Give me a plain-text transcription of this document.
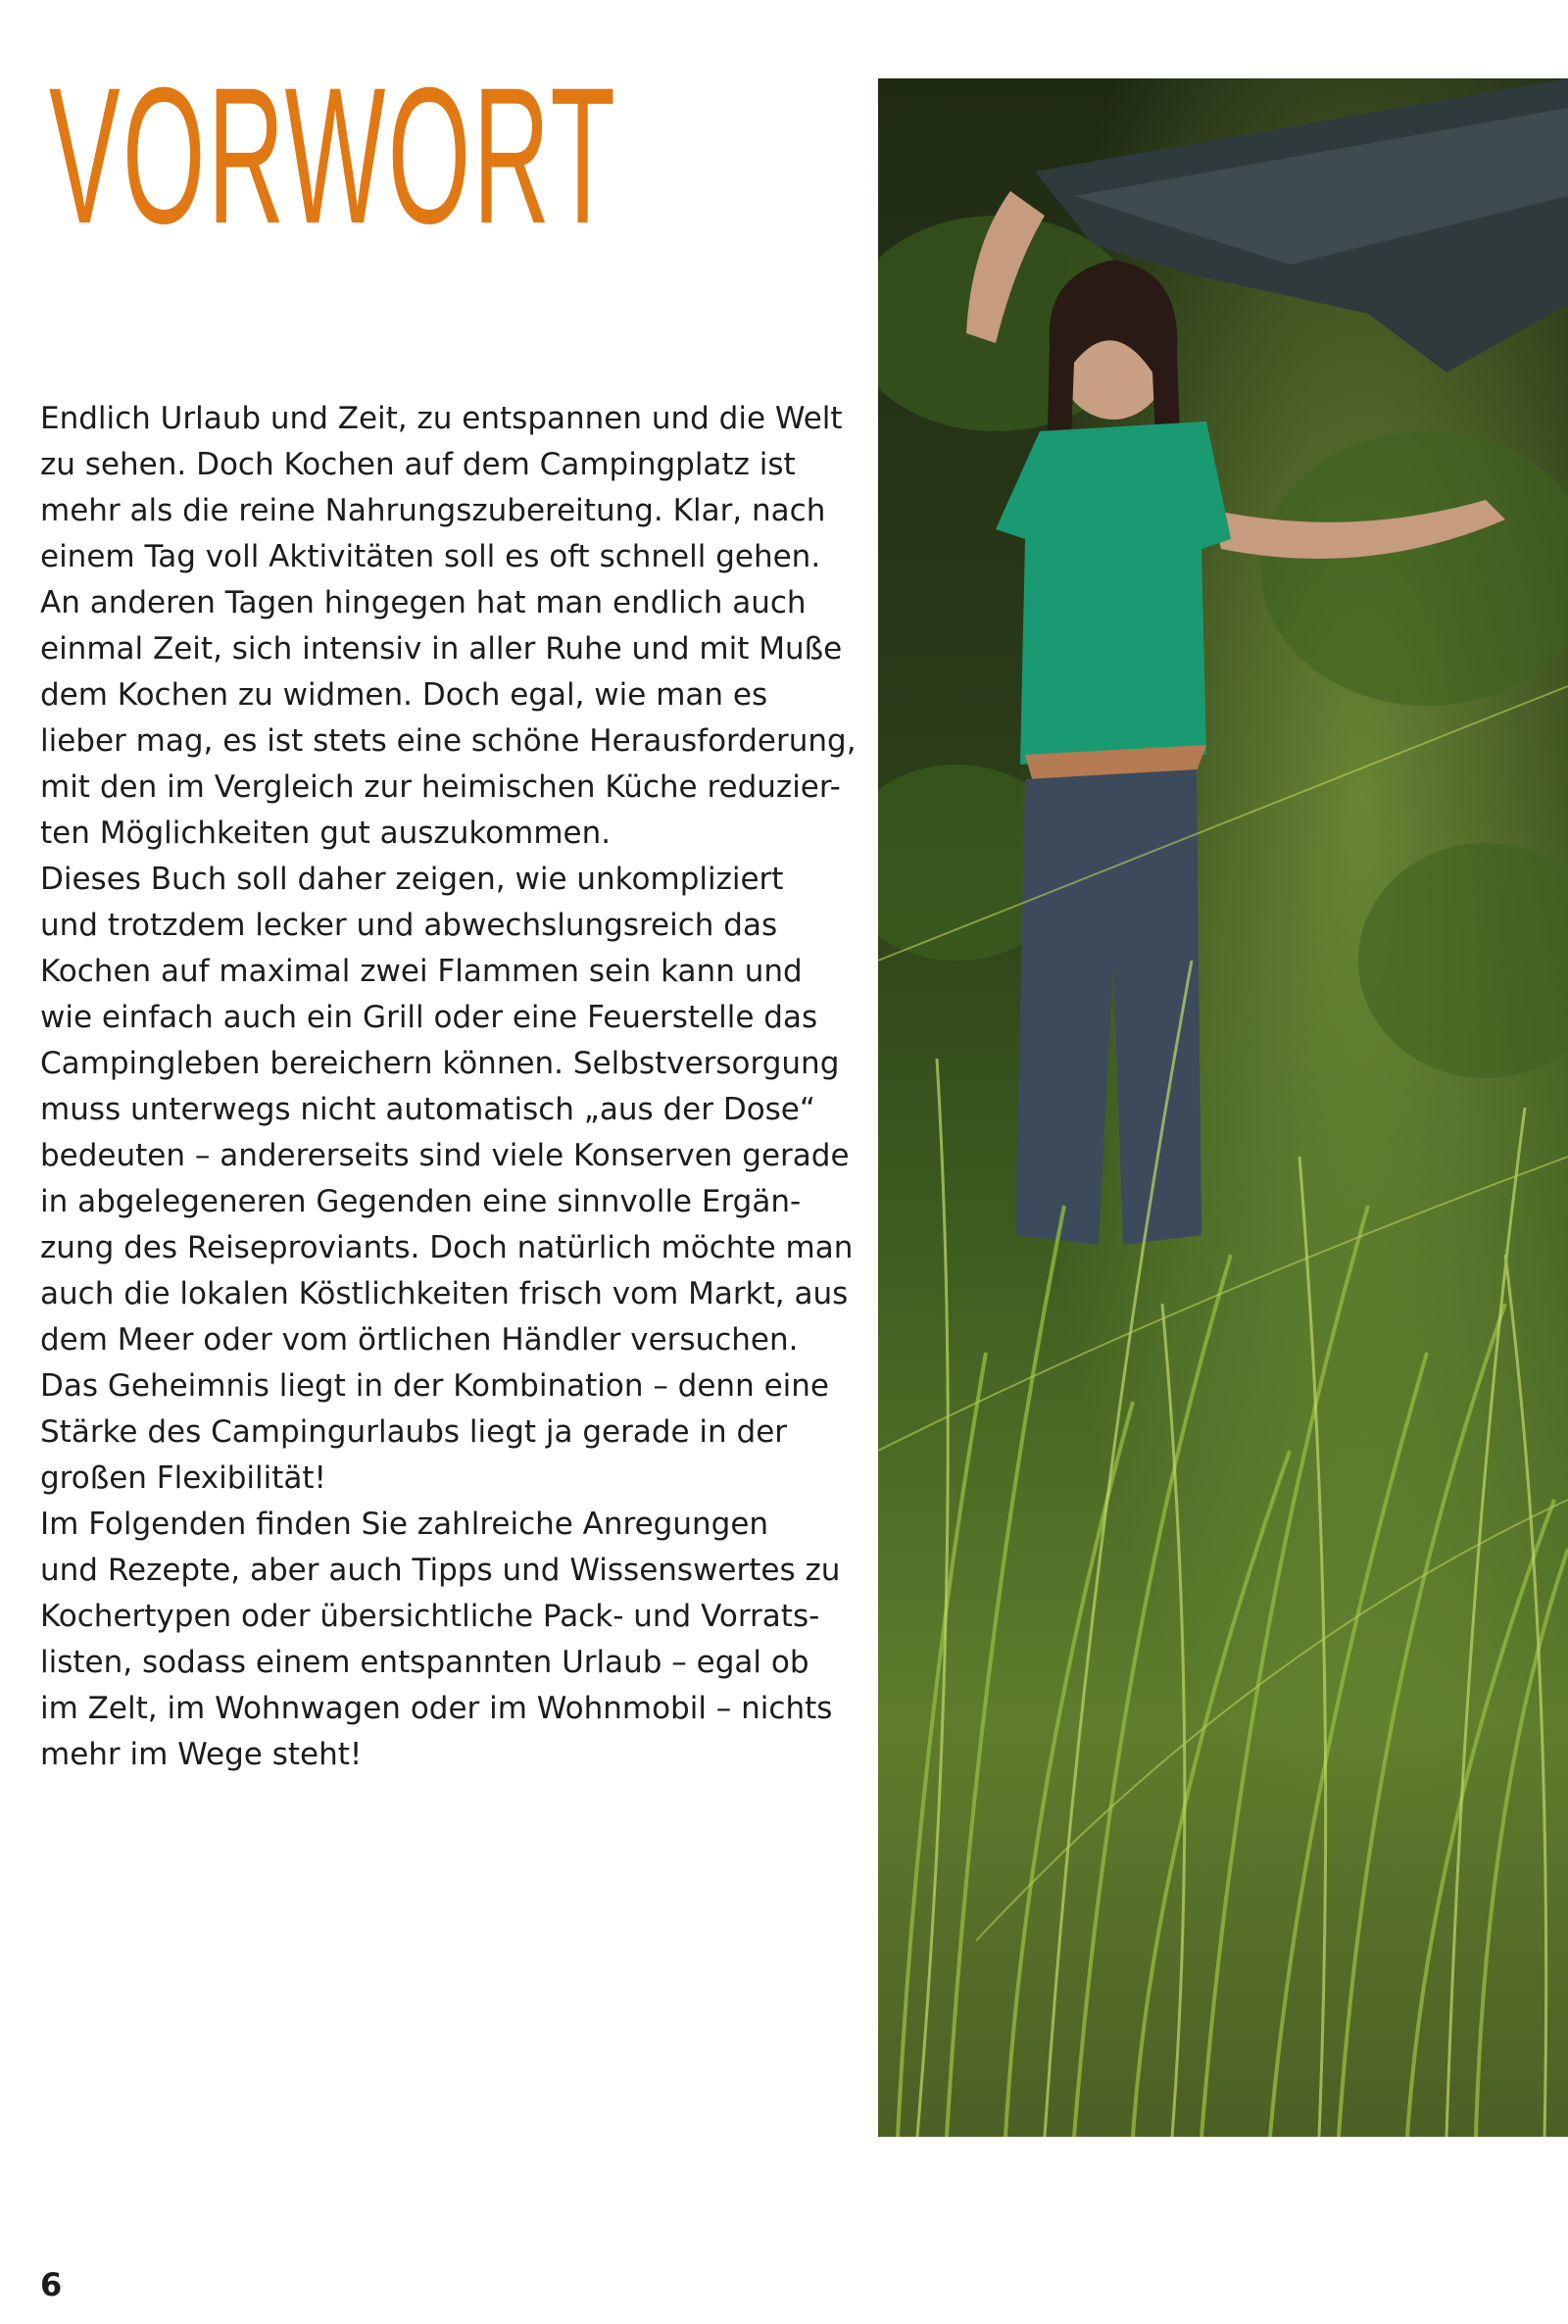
VORWORT
Endlich Urlaub und Zeit, zu entspannen und die Welt
zu sehen. Doch Kochen auf dem Campingplatz ist
mehr als die reine Nahrungszubereitung. Klar, nach
einem Tag voll Aktivitäten soll es oft schnell gehen.
An anderen Tagen hingegen hat man endlich auch
einmal Zeit, sich intensiv in aller Ruhe und mit Muße
dem Kochen zu widmen. Doch egal, wie man es
lieber mag, es ist stets eine schöne Herausforderung,
mit den im Vergleich zur heimischen Küche reduzier-
ten Möglichkeiten gut auszukommen.
Dieses Buch soll daher zeigen, wie unkompliziert
und trotzdem lecker und abwechslungsreich das
Kochen auf maximal zwei Flammen sein kann und
wie einfach auch ein Grill oder eine Feuerstelle das
Campingleben bereichern können. Selbstversorgung
muss unterwegs nicht automatisch „aus der Dose“
bedeuten – andererseits sind viele Konserven gerade
in abgelegeneren Gegenden eine sinnvolle Ergän-
zung des Reiseproviants. Doch natürlich möchte man
auch die lokalen Köstlichkeiten frisch vom Markt, aus
dem Meer oder vom örtlichen Händler versuchen.
Das Geheimnis liegt in der Kombination – denn eine
Stärke des Campingurlaubs liegt ja gerade in der
großen Flexibilität!
Im Folgenden finden Sie zahlreiche Anregungen
und Rezepte, aber auch Tipps und Wissenswertes zu
Kochertypen oder übersichtliche Pack- und Vorrats-
listen, sodass einem entspannten Urlaub – egal ob
im Zelt, im Wohnwagen oder im Wohnmobil – nichts
mehr im Wege steht!
6
